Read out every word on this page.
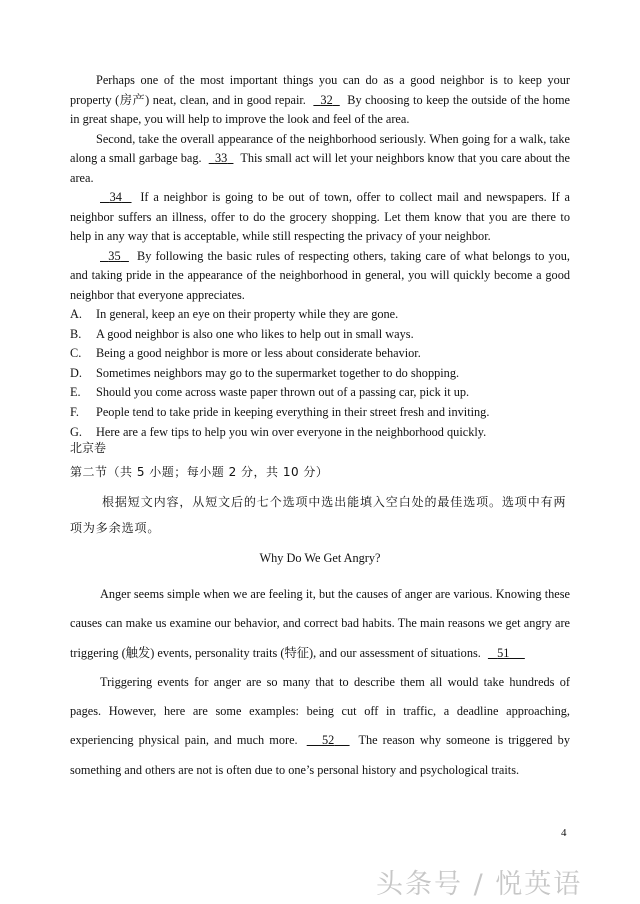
Perhaps one of the most important things you can do as a good neighbor is to keep your property (房产) neat, clean, and in good repair. 32 By choosing to keep the outside of the home in great shape, you will help to improve the look and feel of the area.

Second, take the overall appearance of the neighborhood seriously. When going for a walk, take along a small garbage bag. 33 This small act will let your neighbors know that you care about the area.

34 If a neighbor is going to be out of town, offer to collect mail and newspapers. If a neighbor suffers an illness, offer to do the grocery shopping. Let them know that you are there to help in any way that is acceptable, while still respecting the privacy of your neighbor.

35 By following the basic rules of respecting others, taking care of what belongs to you, and taking pride in the appearance of the neighborhood in general, you will quickly become a good neighbor that everyone appreciates.

A.	In general, keep an eye on their property while they are gone.
B.	A good neighbor is also one who likes to help out in small ways.
C.	Being a good neighbor is more or less about considerate behavior.
D.	Sometimes neighbors may go to the supermarket together to do shopping.
E.	Should you come across waste paper thrown out of a passing car, pick it up.
F.	People tend to take pride in keeping everything in their street fresh and inviting.
G.	Here are a few tips to help you win over everyone in the neighborhood quickly.
北京卷
第二节（共 5 小题；每小题 2 分，共 10 分）
根据短文内容，从短文后的七个选项中选出能填入空白处的最佳选项。选项中有两项为多余选项。
Why Do We Get Angry?

Anger seems simple when we are feeling it, but the causes of anger are various. Knowing these causes can make us examine our behavior, and correct bad habits. The main reasons we get angry are triggering (触发) events, personality traits (特征), and our assessment of situations. 51

Triggering events for anger are so many that to describe them all would take hundreds of pages. However, here are some examples: being cut off in traffic, a deadline approaching, experiencing physical pain, and much more. 52 The reason why someone is triggered by something and others are not is often due to one’s personal history and psychological traits.

4
头条号 / 悦英语
